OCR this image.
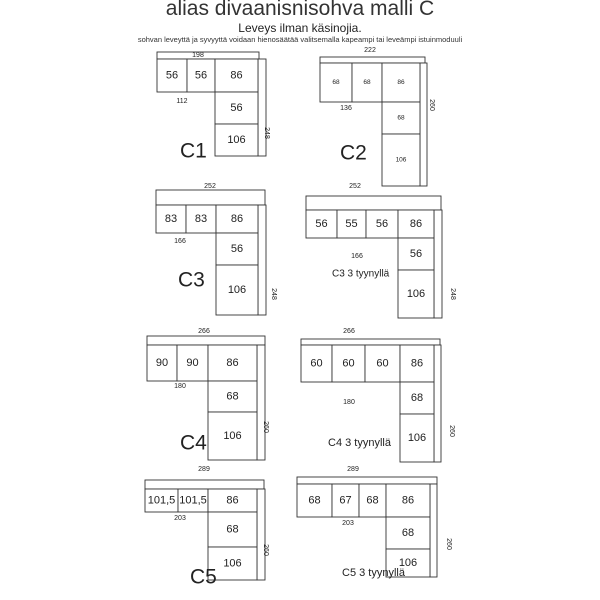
alias divaanisnisohva malli C
Leveys ilman käsinojia.
sohvan leveyttä ja syvyyttä voidaan hienosäätää valitsemalla kapeampi tai leveämpi istuinmoduuli
56 56 86
56
106
198
112
248
C1
68	68	86
68
106
222
136	260
C2
83 83 86
56
106
252
166
248
C3
56 55 56 86
56
106
252
166
248
C3 3 tyynyllä
90 90	86
68
106
266
180
260
C4
60 60 60 86
68
106
266
180
260
C4 3 tyynyllä
101,5 101,5 86
68
106
289
203
260
C5
68 67 68 86
68
106
289
203
260
C5 3 tyynyllä
